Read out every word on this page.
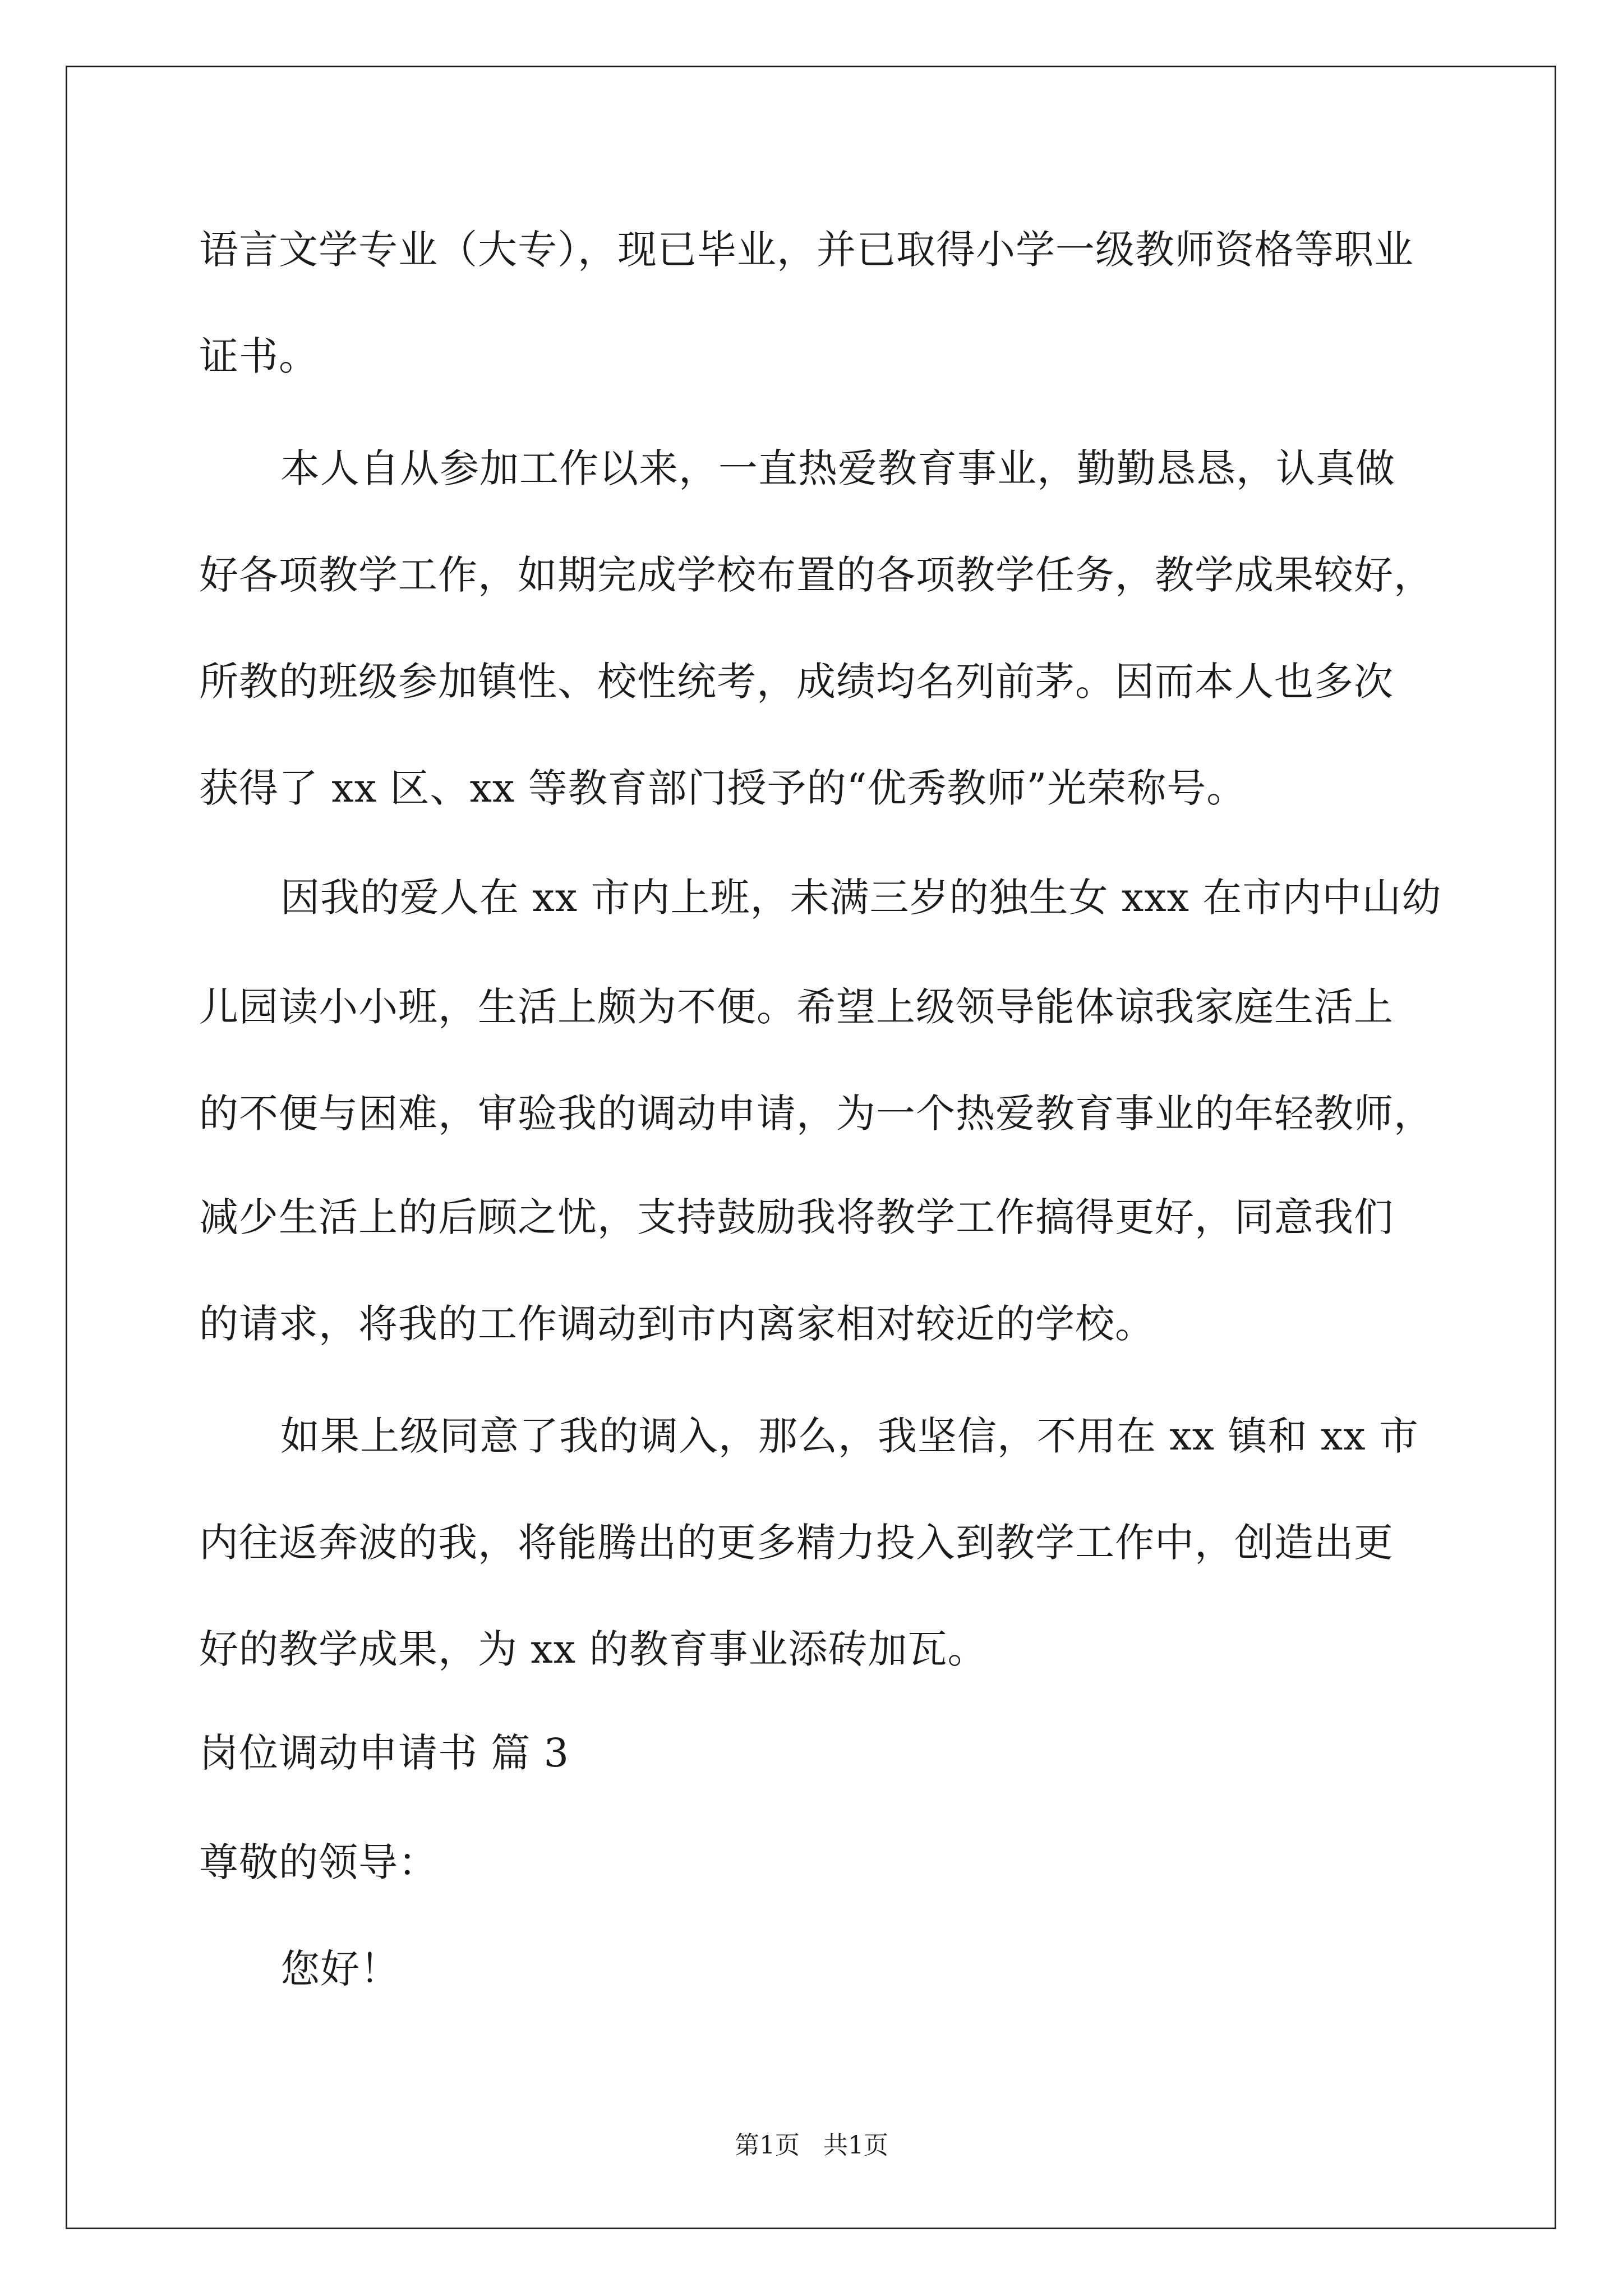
语言文学专业（大专），现已毕业，并已取得小学一级教师资格等职业
证书。
本人自从参加工作以来，一直热爱教育事业，勤勤恳恳，认真做
好各项教学工作，如期完成学校布置的各项教学任务，教学成果较好，
所教的班级参加镇性、校性统考，成绩均名列前茅。因而本人也多次
获得了 xx 区、xx 等教育部门授予的“优秀教师”光荣称号。
因我的爱人在 xx 市内上班，未满三岁的独生女 xxx 在市内中山幼
儿园读小小班，生活上颇为不便。希望上级领导能体谅我家庭生活上
的不便与困难，审验我的调动申请，为一个热爱教育事业的年轻教师，
减少生活上的后顾之忧，支持鼓励我将教学工作搞得更好，同意我们
的请求，将我的工作调动到市内离家相对较近的学校。
如果上级同意了我的调入，那么，我坚信，不用在 xx 镇和 xx 市
内往返奔波的我，将能腾出的更多精力投入到教学工作中，创造出更
好的教学成果，为 xx 的教育事业添砖加瓦。
岗位调动申请书 篇 3
尊敬的领导：
您好！
第1页   共1页
